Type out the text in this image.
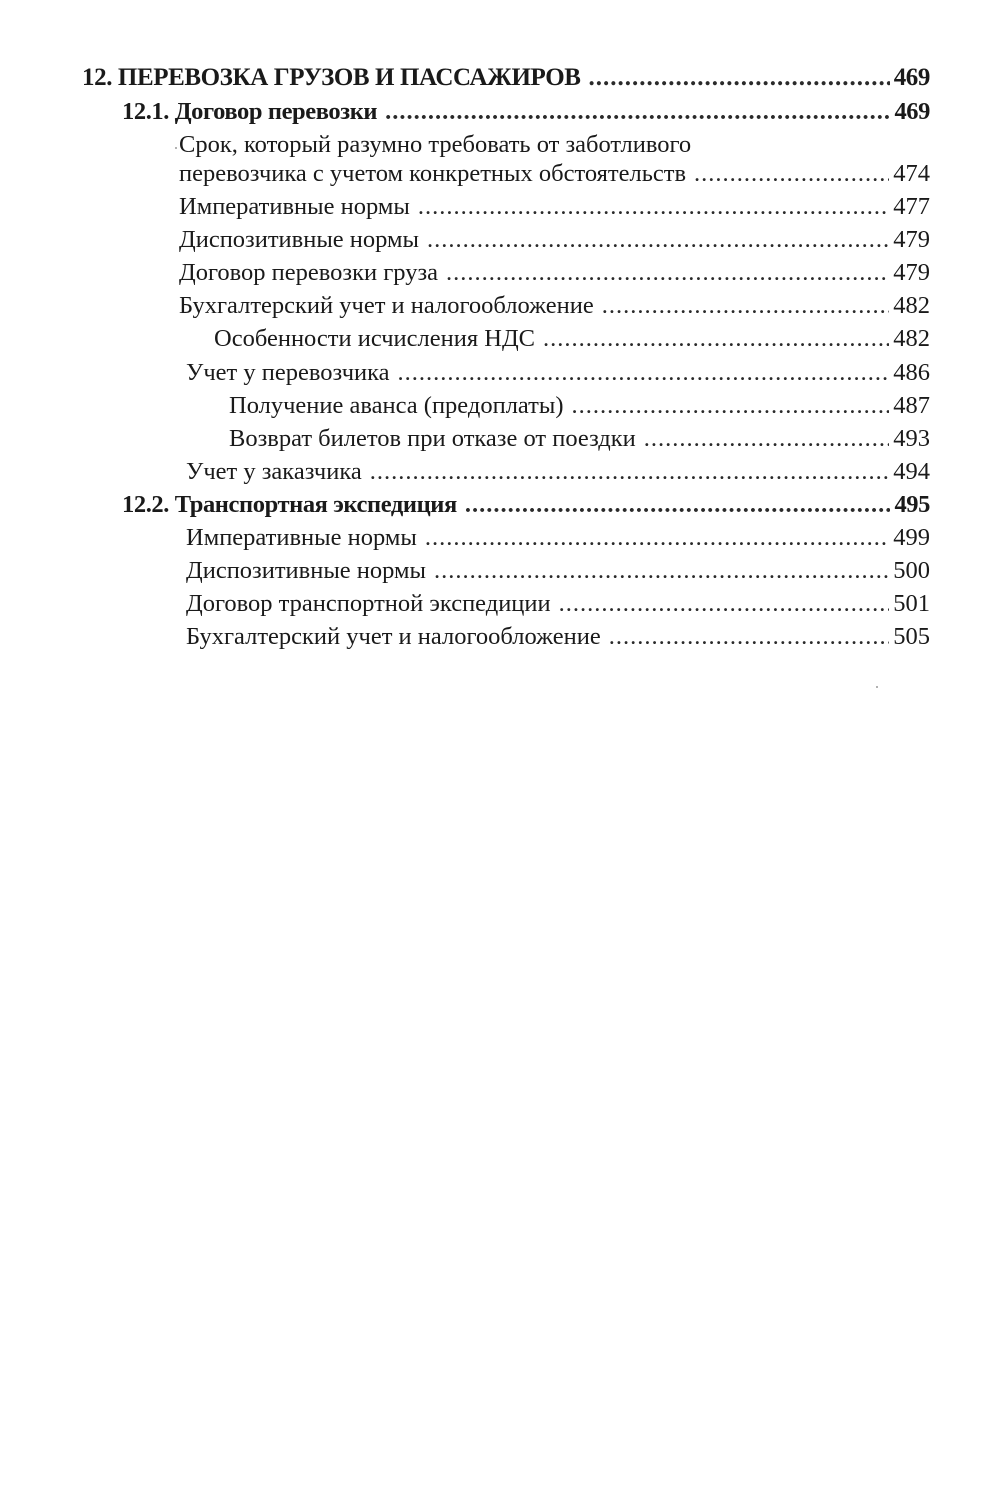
12. ПЕРЕВОЗКА ГРУЗОВ И ПАССАЖИРОВ .....	469
12.1. Договор перевозки .....	469
Срок, который разумно требовать от заботливого
перевозчика с учетом конкретных обстоятельств .....	474
Императивные нормы .....	477
Диспозитивные нормы .....	479
Договор перевозки груза .....	479
Бухгалтерский учет и налогообложение .....	482
Особенности исчисления НДС .....	482
Учет у перевозчика .....	486
Получение аванса (предоплаты) .....	487
Возврат билетов при отказе от поездки .....	493
Учет у заказчика .....	494
12.2. Транспортная экспедиция .....	495
Императивные нормы .....	499
Диспозитивные нормы .....	500
Договор транспортной экспедиции .....	501
Бухгалтерский учет и налогообложение .....	505
